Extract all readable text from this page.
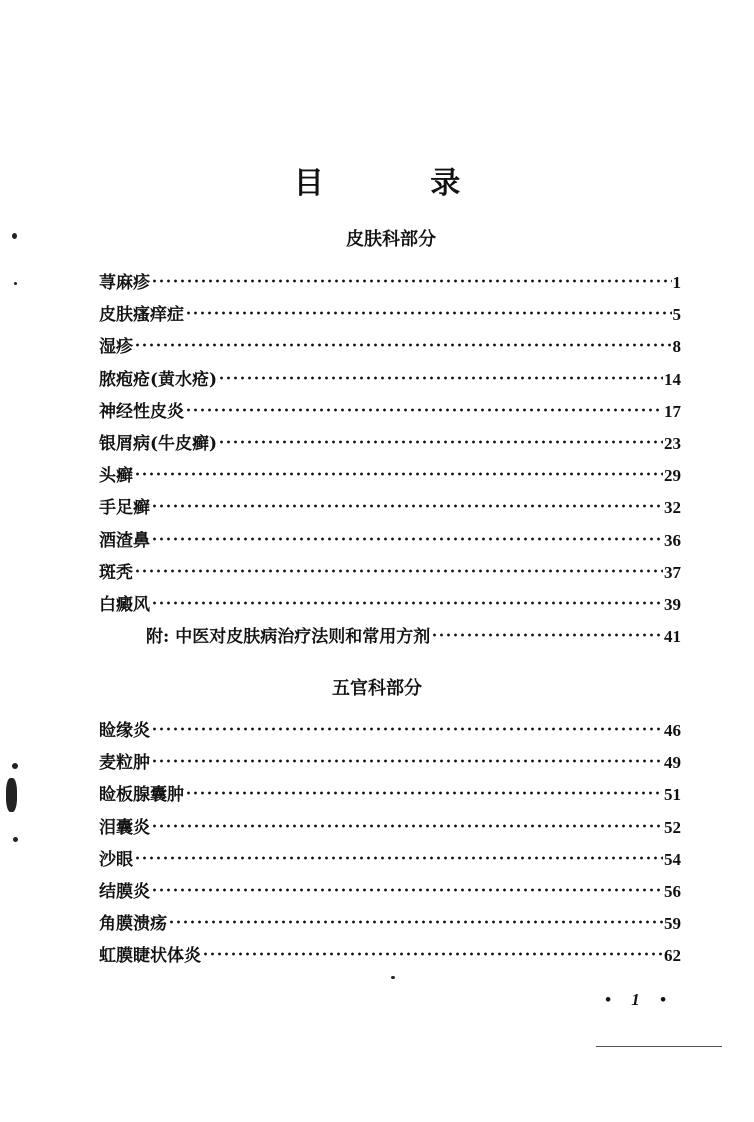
目 录
皮肤科部分
荨麻疹	1
皮肤瘙痒症	5
湿疹	8
脓疱疮(黄水疮)	14
神经性皮炎	17
银屑病(牛皮癣)	23
头癣	29
手足癣	32
酒渣鼻	36
斑秃	37
白癜风	39
附: 中医对皮肤病治疗法则和常用方剂	41
五官科部分
睑缘炎	46
麦粒肿	49
睑板腺囊肿	51
泪囊炎	52
沙眼	54
结膜炎	56
角膜溃疡	59
虹膜睫状体炎	62
• 1 •
